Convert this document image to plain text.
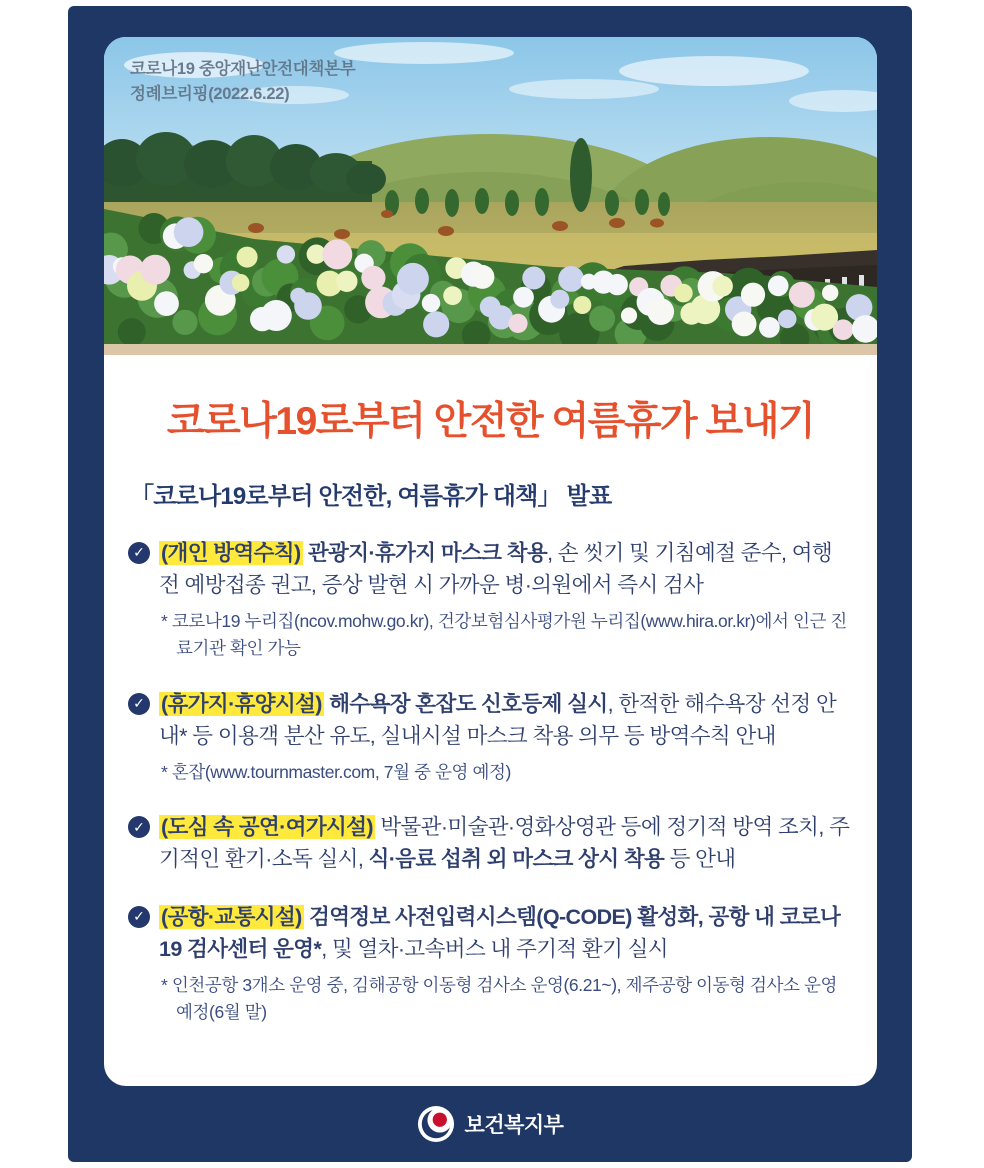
코로나19 중앙재난안전대책본부
정례브리핑(2022.6.22)
코로나19로부터 안전한 여름휴가 보내기
「코로나19로부터 안전한, 여름휴가 대책」 발표
✓ (개인 방역수칙) 관광지·휴가지 마스크 착용, 손 씻기 및 기침예절 준수, 여행 전 예방접종 권고, 증상 발현 시 가까운 병·의원에서 즉시 검사

* 코로나19 누리집(ncov.mohw.go.kr), 건강보험심사평가원 누리집(www.hira.or.kr)에서 인근 진료기관 확인 가능

✓ (휴가지·휴양시설) 해수욕장 혼잡도 신호등제 실시, 한적한 해수욕장 선정 안내* 등 이용객 분산 유도, 실내시설 마스크 착용 의무 등 방역수칙 안내

* 혼잡(www.tournmaster.com, 7월 중 운영 예정)

✓ (도심 속 공연·여가시설) 박물관·미술관·영화상영관 등에 정기적 방역 조치, 주기적인 환기·소독 실시, 식·음료 섭취 외 마스크 상시 착용 등 안내

✓ (공항·교통시설) 검역정보 사전입력시스템(Q-CODE) 활성화, 공항 내 코로나19 검사센터 운영*, 및 열차·고속버스 내 주기적 환기 실시

* 인천공항 3개소 운영 중, 김해공항 이동형 검사소 운영(6.21~), 제주공항 이동형 검사소 운영 예정(6월 말)

보건복지부
